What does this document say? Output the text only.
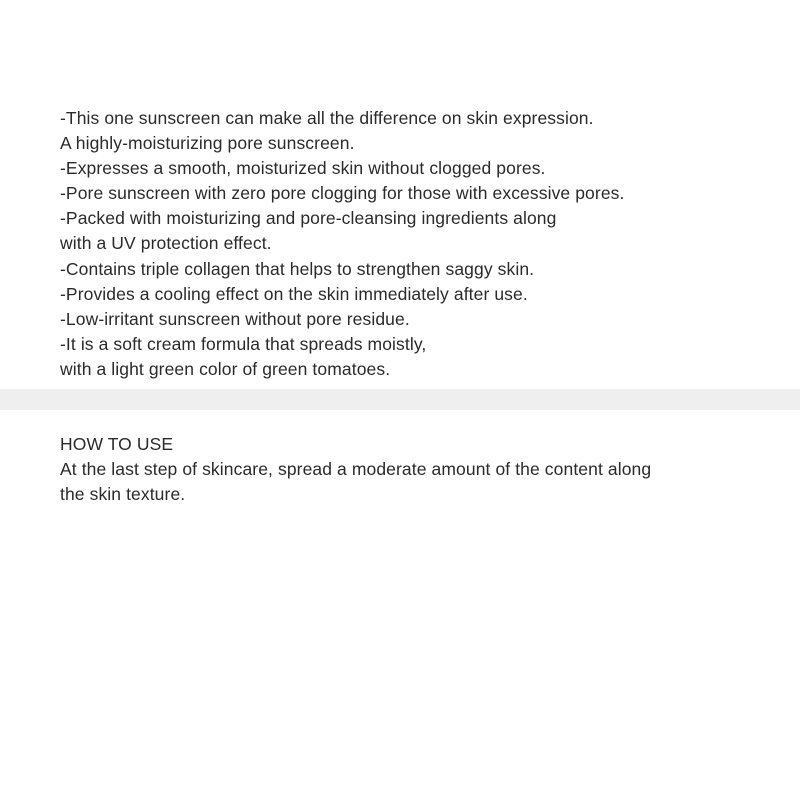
-This one sunscreen can make all the difference on skin expression.
A highly-moisturizing pore sunscreen.
-Expresses a smooth, moisturized skin without clogged pores.
-Pore sunscreen with zero pore clogging for those with excessive pores.
-Packed with moisturizing and pore-cleansing ingredients along
with a UV protection effect.
-Contains triple collagen that helps to strengthen saggy skin.
-Provides a cooling effect on the skin immediately after use.
-Low-irritant sunscreen without pore residue.
-It is a soft cream formula that spreads moistly,
with a light green color of green tomatoes.
HOW TO USE
At the last step of skincare, spread a moderate amount of the content along
the skin texture.
